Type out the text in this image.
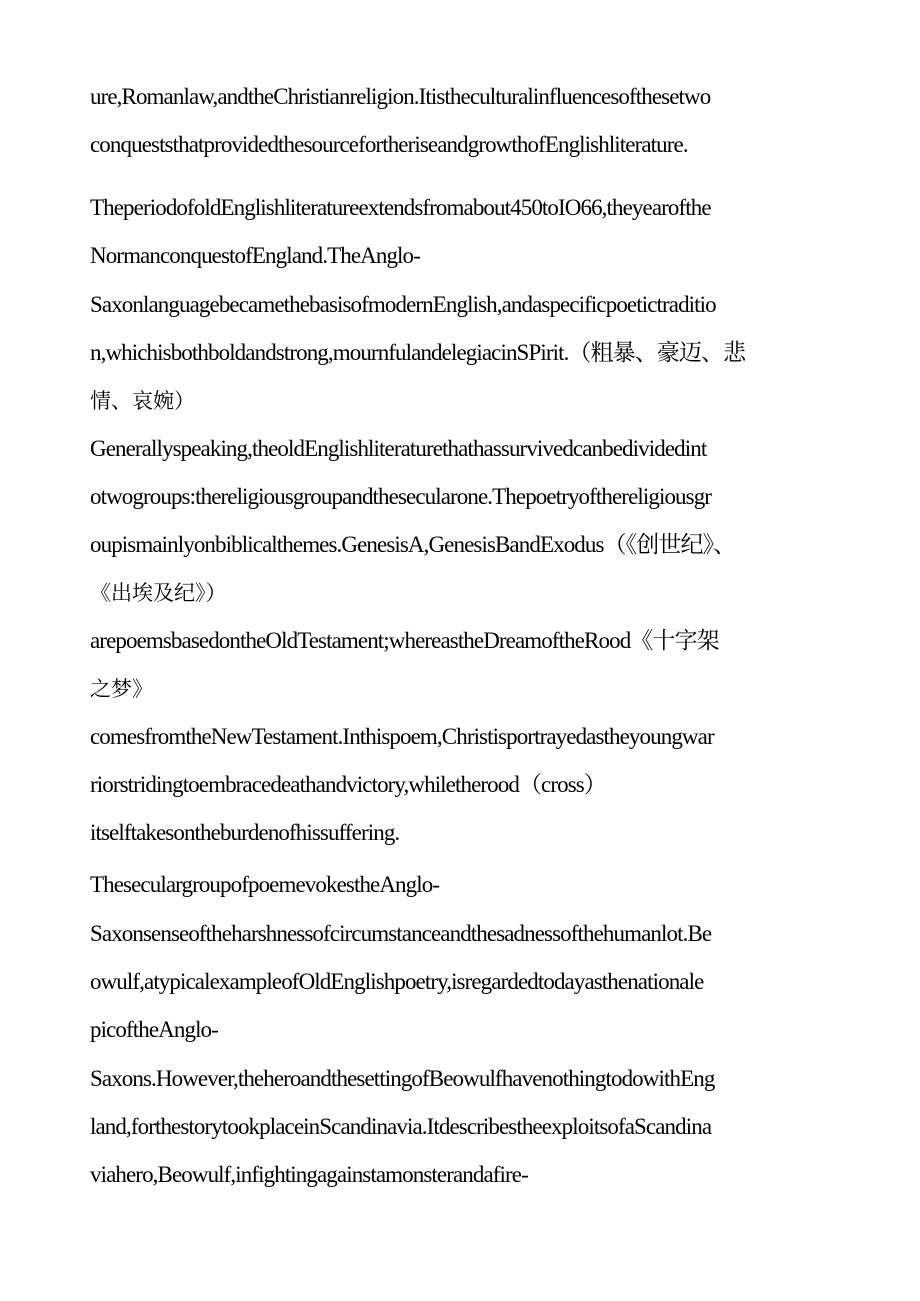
ure,Romanlaw,andtheChristianreligion.Itistheculturalinfluencesofthesetwo
conqueststhatprovidedthesourcefortheriseandgrowthofEnglishliterature.
TheperiodofoldEnglishliteratureextendsfromabout450toIO66,theyearofthe
NormanconquestofEngland.TheAnglo-
SaxonlanguagebecamethebasisofmodernEnglish,andaspecificpoetictraditio
n,whichisbothboldandstrong,mournfulandelegiacinSPirit.（粗暴、豪迈、悲
情、哀婉）
Generallyspeaking,theoldEnglishliteraturethathassurvivedcanbedividedint
otwogroups:thereligiousgroupandthesecularone.Thepoetryofthereligiousgr
oupismainlyonbiblicalthemes.GenesisA,GenesisBandExodus（《创世纪》、
《出埃及纪》）
arepoemsbasedontheOldTestament;whereastheDreamoftheRood《十字架
之梦》
comesfromtheNewTestament.Inthispoem,Christisportrayedastheyoungwar
riorstridingtoembracedeathandvictory,whiletherood（cross）
itselftakesontheburdenofhissuffering.
TheseculargroupofpoemevokestheAnglo-
Saxonsenseoftheharshnessofcircumstanceandthesadnessofthehumanlot.Be
owulf,atypicalexampleofOldEnglishpoetry,isregardedtodayasthenationale
picoftheAnglo-
Saxons.However,theheroandthesettingofBeowulfhavenothingtodowithEng
land,forthestorytookplaceinScandinavia.ItdescribestheexploitsofaScandina
viahero,Beowulf,infightingagainstamonsterandafire-
